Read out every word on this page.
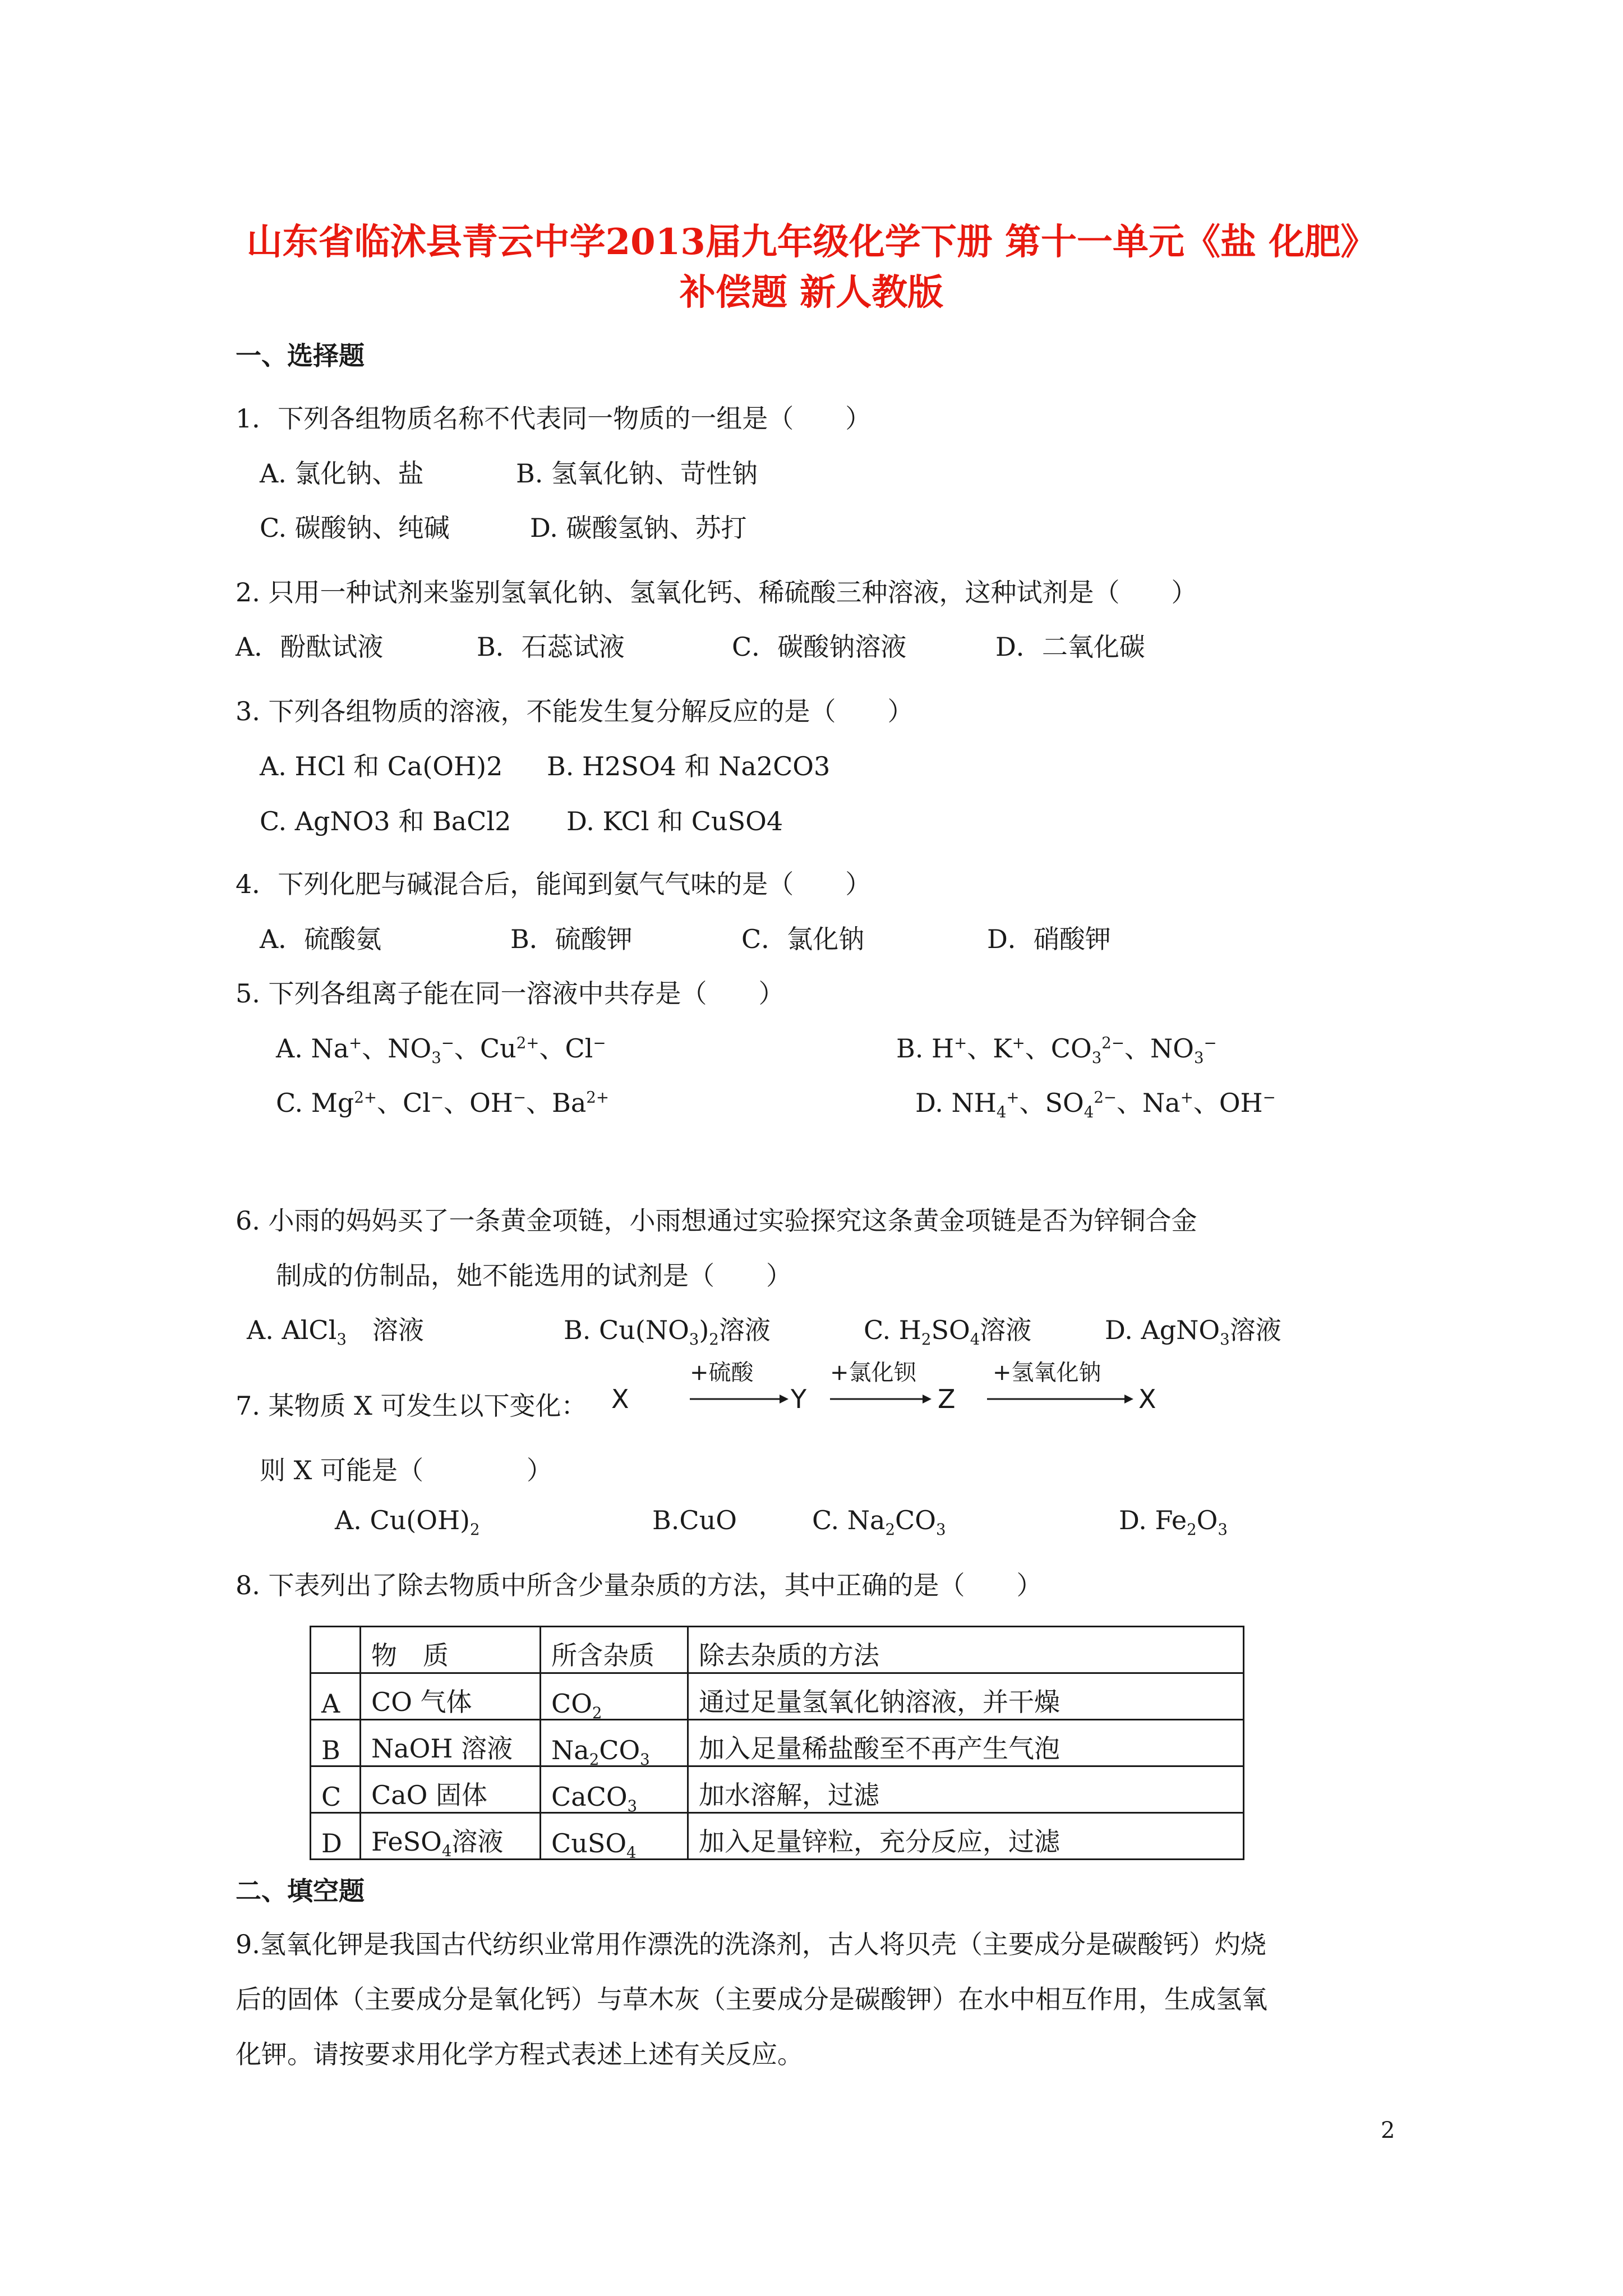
山东省临沭县青云中学2013届九年级化学下册 第十一单元《盐 化肥》
补偿题 新人教版
一、选择题
1．下列各组物质名称不代表同一物质的一组是（　　）
A. 氯化钠、盐	B. 氢氧化钠、苛性钠
C. 碳酸钠、纯碱	D. 碳酸氢钠、苏打
2. 只用一种试剂来鉴别氢氧化钠、氢氧化钙、稀硫酸三种溶液，这种试剂是（　　）
A．酚酞试液	B．石蕊试液	C．碳酸钠溶液	D．二氧化碳
3. 下列各组物质的溶液，不能发生复分解反应的是（　　）
A. HCl 和 Ca(OH)2 B. H2SO4 和 Na2CO3
C. AgNO3 和 BaCl2 D. KCl 和 CuSO4
4．下列化肥与碱混合后，能闻到氨气气味的是（　　）
A．硫酸氨	B．硫酸钾	C．氯化钠	D．硝酸钾
5. 下列各组离子能在同一溶液中共存是（　　）
A. Na+、$NO_3^-$、$Cu^{2+}$、Cl−	B. H+、K+、$CO_3^{2-}$、$NO_3^-$
C. $Mg^{2+}$、Cl−、OH−、$Ba^{2+}$	D. $NH_4^+$、$SO_4^{2-}$、Na+、OH−
6. 小雨的妈妈买了一条黄金项链，小雨想通过实验探究这条黄金项链是否为锌铜合金
制成的仿制品，她不能选用的试剂是（　　）
A. AlCl$_3$　溶液	B. $Cu(NO_3)_2$溶液	C. $H_2SO_4$溶液	D. AgNO$_3$溶液
7. 某物质 X 可发生以下变化： X	Y	Z	X
+硫酸	+氯化钡	+氢氧化钠
则 X 可能是（　　　　）
A. $Cu(OH)_2$	B.CuO	C. $Na_2CO_3$	D. $Fe_2O_3$
8. 下表列出了除去物质中所含少量杂质的方法，其中正确的是（　　）
	物　质	所含杂质	除去杂质的方法
A	CO 气体	$CO_2$	通过足量氢氧化钠溶液，并干燥
B	NaOH 溶液	$Na_2CO_3$	加入足量稀盐酸至不再产生气泡
C	CaO 固体	CaCO$_3$	加水溶解，过滤
D	FeSO$_4$溶液	CuSO$_4$	加入足量锌粒，充分反应，过滤
二、填空题
9.氢氧化钾是我国古代纺织业常用作漂洗的洗涤剂，古人将贝壳（主要成分是碳酸钙）灼烧
后的固体（主要成分是氧化钙）与草木灰（主要成分是碳酸钾）在水中相互作用，生成氢氧
化钾。请按要求用化学方程式表述上述有关反应。
2
